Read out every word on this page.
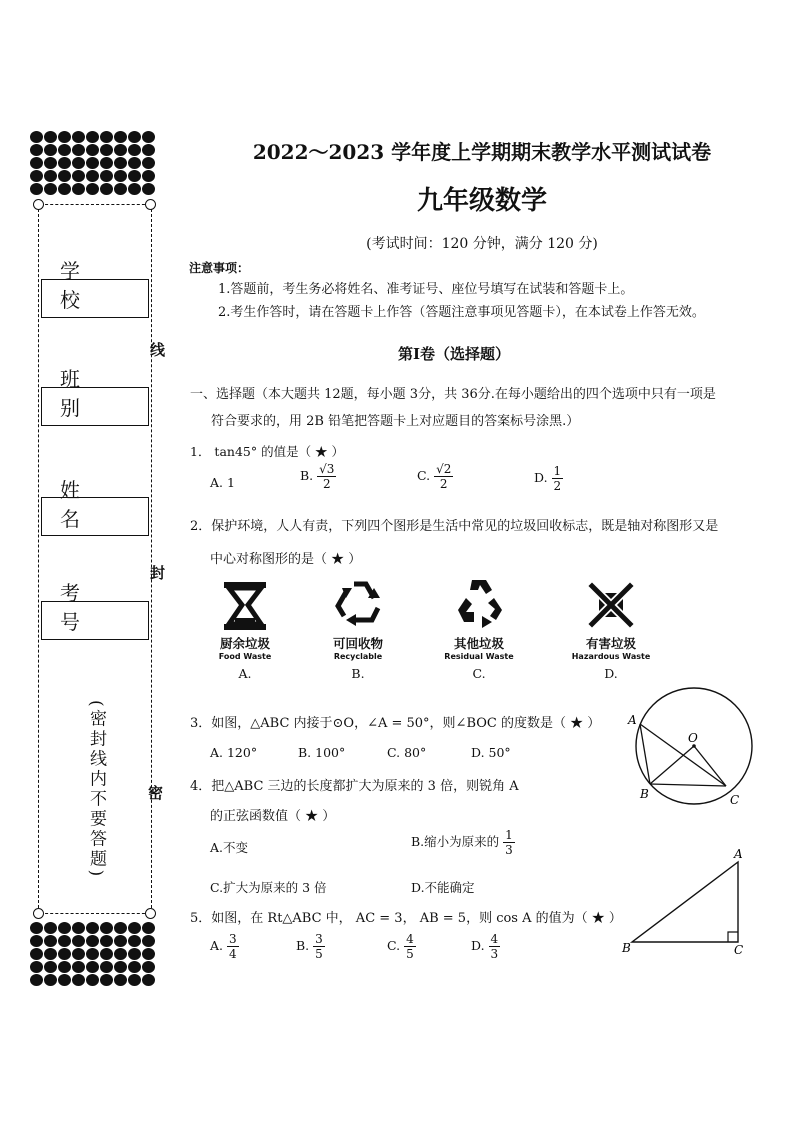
学 校
班 别
姓 名
考 号
线
封
密
(密封线内不要答题)
2022～2023 学年度上学期期末教学水平测试试卷
九年级数学
(考试时间：120 分钟，满分 120 分)
注意事项：
1.答题前，考生务必将姓名、准考证号、座位号填写在试装和答题卡上。
2.考生作答时，请在答题卡上作答（答题注意事项见答题卡），在本试卷上作答无效。
第Ⅰ卷（选择题）
一、选择题（本大题共 12题，每小题 3分，共 36分.在每小题给出的四个选项中只有一项是
符合要求的，用 2B 铅笔把答题卡上对应题目的答案标号涂黑.）
1． tan45° 的值是（ ★ ）
A. 1	B. $\frac{√3}{2}$	C. $\frac{√2}{2}$	D. $\frac{1}{2}$
2．保护环境，人人有责，下列四个图形是生活中常见的垃圾回收标志，既是轴对称图形又是
中心对称图形的是（ ★ ）
厨余垃圾
Food Waste
A.
可回收物
Recyclable
B.
其他垃圾
Residual Waste
C.
有害垃圾
Hazardous Waste
D.
3．如图，△ABC 内接于⊙O，∠A = 50°，则∠BOC 的度数是（ ★ ）
A. 120°	B. 100°	C. 80°	D. 50°
A
B	C
O
4．把△ABC 三边的长度都扩大为原来的 3 倍，则锐角 A
的正弦函数值（ ★ ）
A.不变	B.缩小为原来的 $\frac{1}{3}$
C.扩大为原来的 3 倍	D.不能确定
5．如图，在 Rt△ABC 中， AC = 3， AB = 5，则 cos A 的值为（ ★ ）
A. $\frac{3}{4}$	B. $\frac{3}{5}$	C. $\frac{4}{5}$	D. $\frac{4}{3}$
A
B	C
